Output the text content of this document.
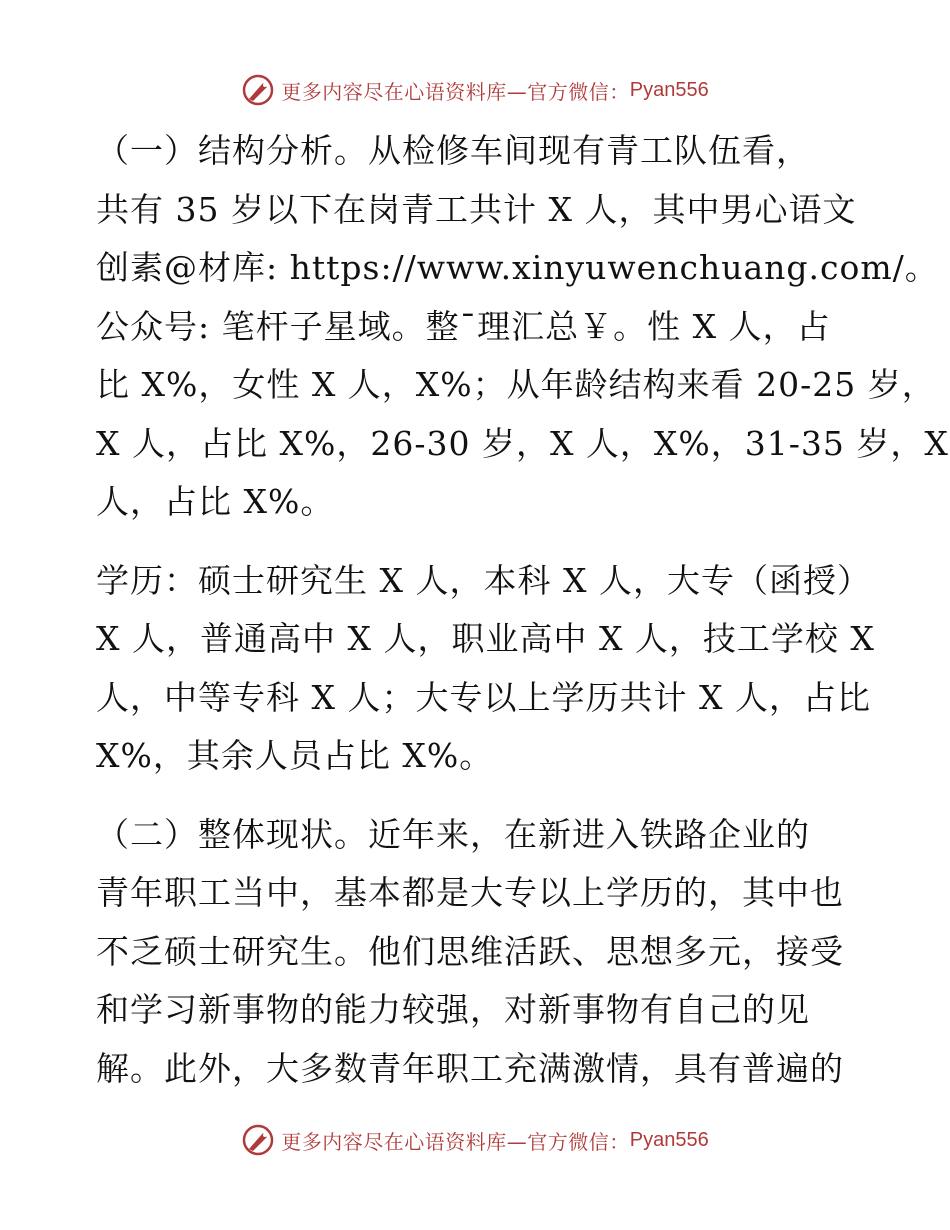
更多内容尽在心语资料库—官方微信： Pyan556

（一）结构分析。从检修车间现有青工队伍看，
共有 35 岁以下在岗青工共计 X 人，其中男心语文
创素@材库: https://www.xinyuwenchuang.com/。
公众号: 笔杆子星域。整¯理汇总￥。性 X 人，占
比 X%，女性 X 人，X%；从年龄结构来看 20-25 岁，
X 人，占比 X%，26-30 岁，X 人，X%，31-35 岁，X
人，占比 X%。

学历：硕士研究生 X 人，本科 X 人，大专（函授）
X 人，普通高中 X 人，职业高中 X 人，技工学校 X
人，中等专科 X 人；大专以上学历共计 X 人，占比
X%，其余人员占比 X%。

（二）整体现状。近年来，在新进入铁路企业的
青年职工当中，基本都是大专以上学历的，其中也
不乏硕士研究生。他们思维活跃、思想多元，接受
和学习新事物的能力较强，对新事物有自己的见
解。此外，大多数青年职工充满激情，具有普遍的

更多内容尽在心语资料库—官方微信： Pyan556
